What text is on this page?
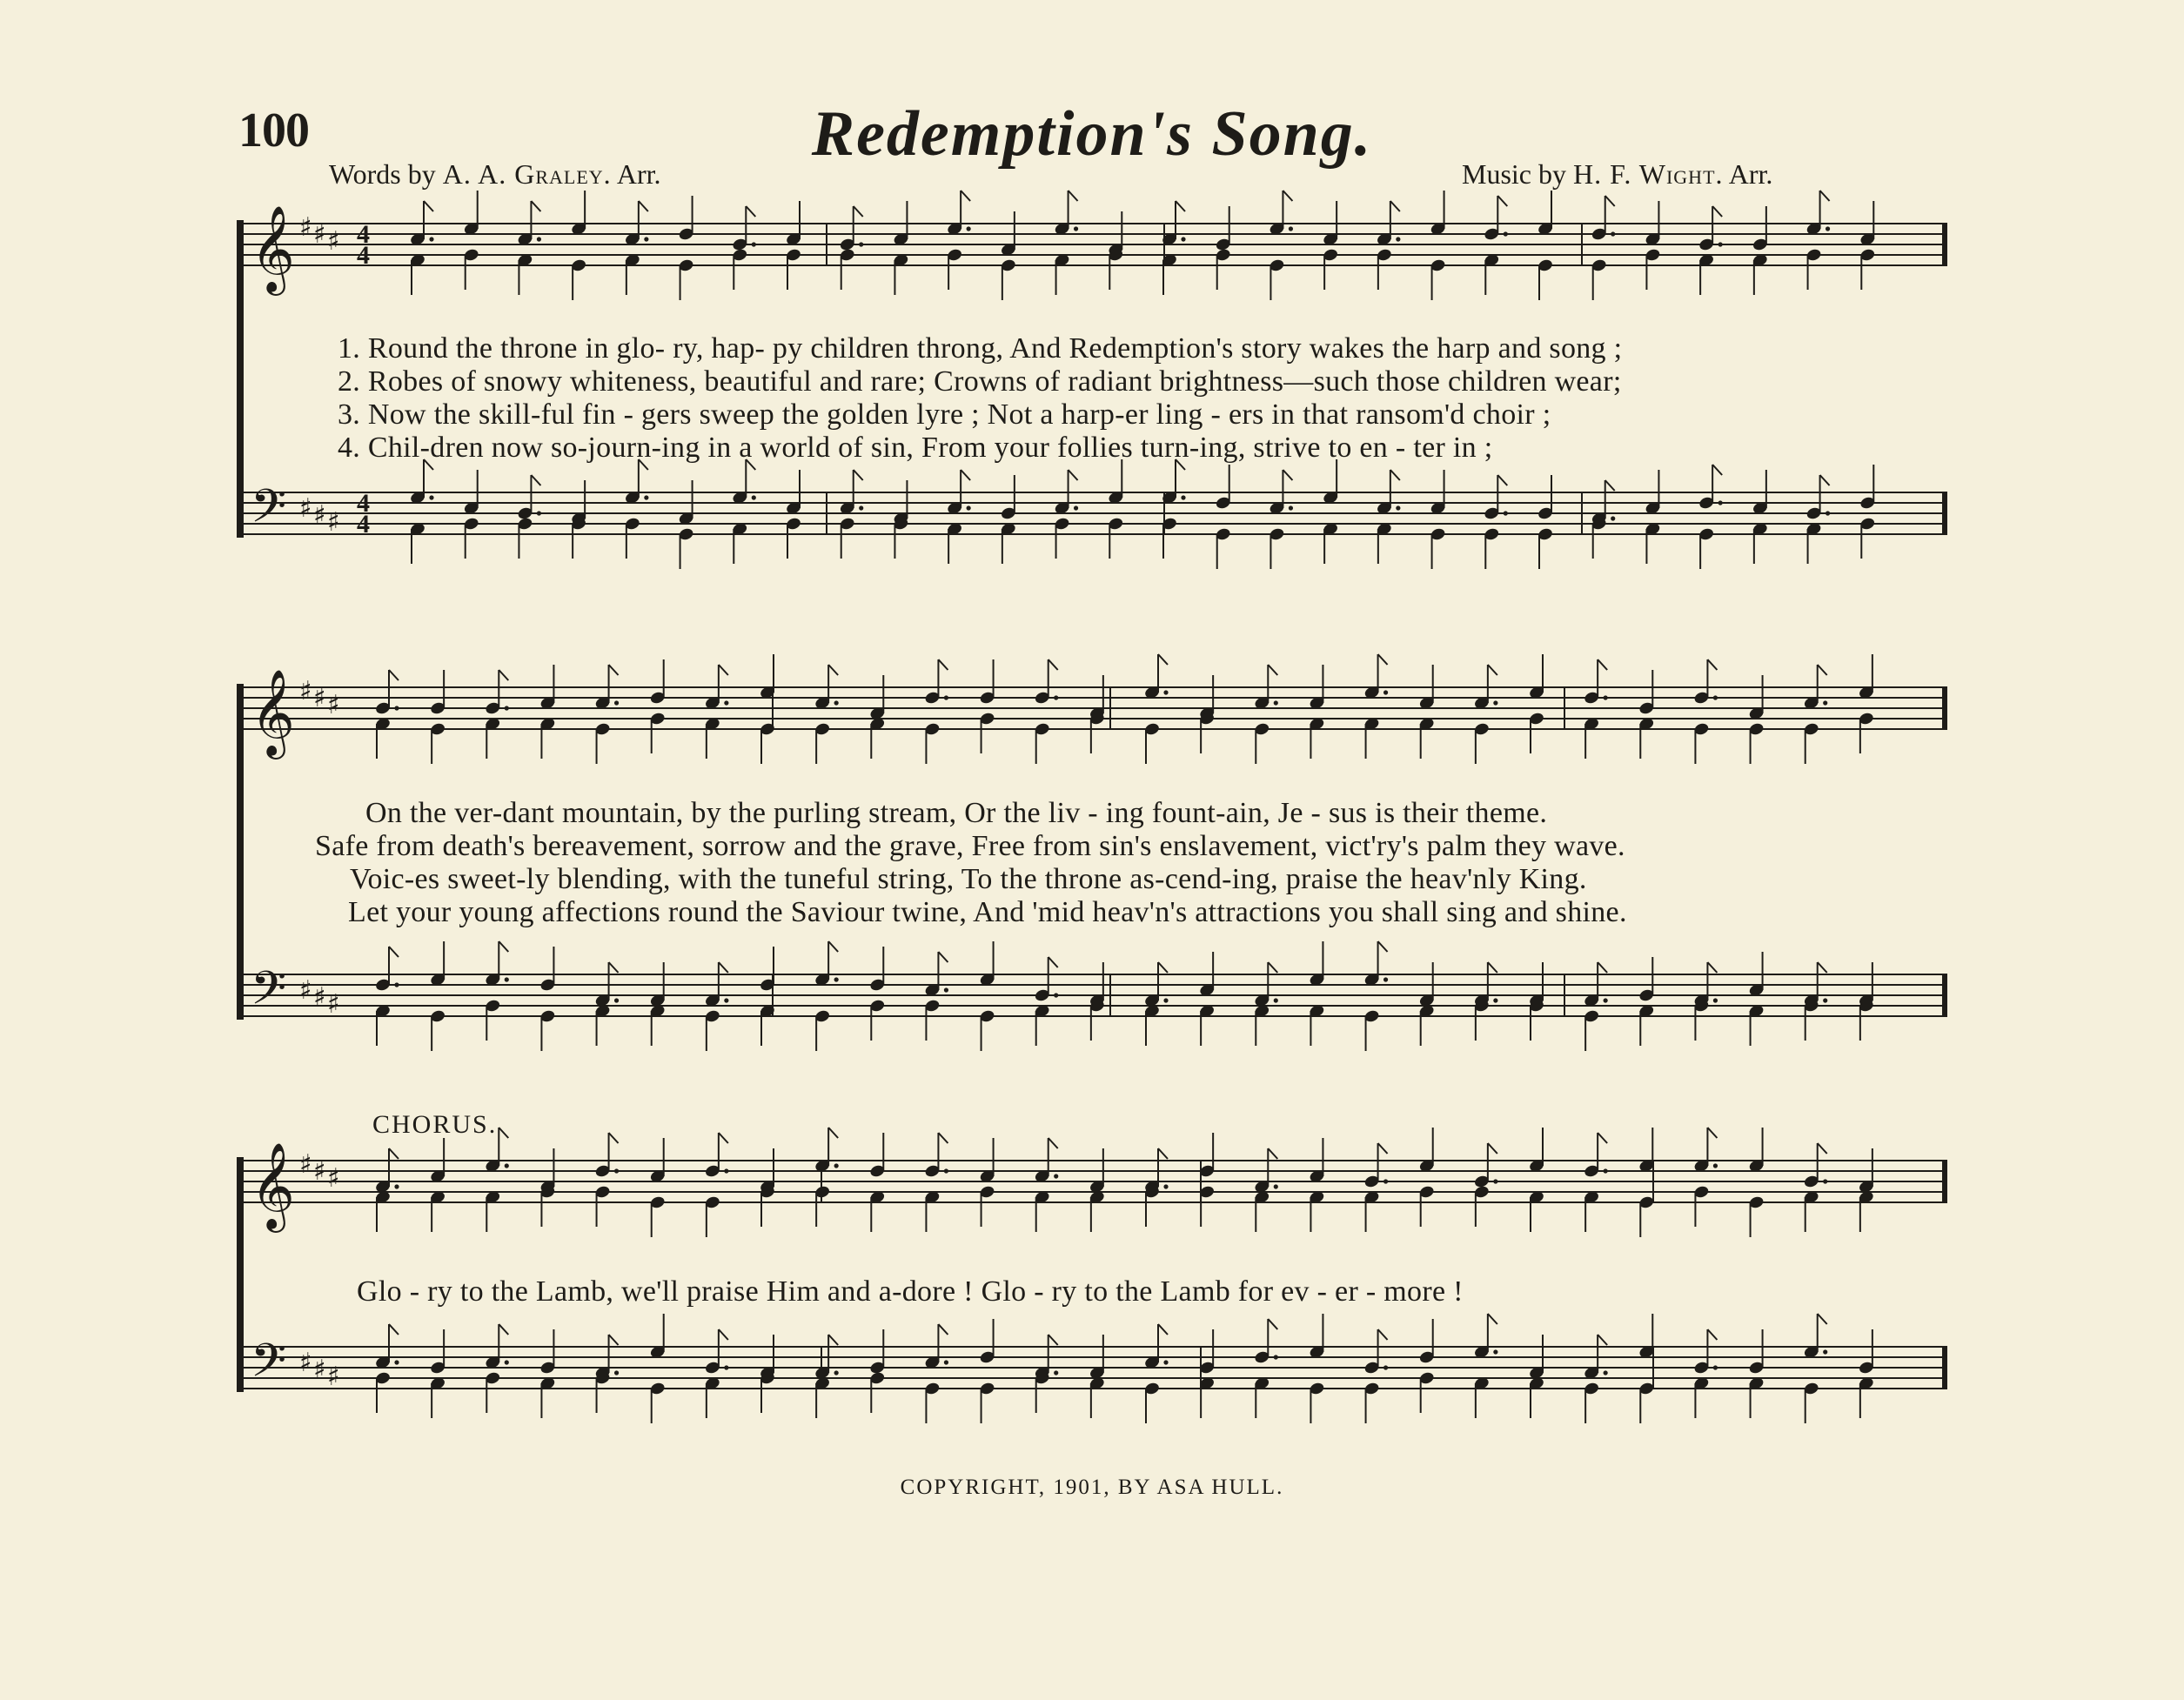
𝄞 ♯ ♯ ♯ 4
4
𝄢 ♯ ♯ ♯
4
4
𝄞 ♯ ♯ ♯
𝄢 ♯ ♯ ♯
𝄞 ♯ ♯ ♯
𝄢 ♯ ♯ ♯
100	Redemption's Song.
Words by A. A. Graley. Arr.	Music by H. F. Wight. Arr.
1. Round the throne in glo- ry, hap- py children throng, And Redemption's story wakes the harp and song ;
2. Robes of snowy whiteness, beautiful and rare; Crowns of radiant brightness—such those children wear;
3. Now the skill-ful fin - gers sweep the golden lyre ; Not a harp-er ling - ers in that ransom'd choir ;
4. Chil-dren now so-journ-ing in a world of sin, From your follies turn-ing, strive to en - ter in ;
On the ver-dant mountain, by the purling stream, Or the liv - ing fount-ain, Je - sus is their theme.
Safe from death's bereavement, sorrow and the grave, Free from sin's enslavement, vict'ry's palm they wave.
Voic-es sweet-ly blending, with the tuneful string, To the throne as-cend-ing, praise the heav'nly King.
Let your young affections round the Saviour twine, And 'mid heav'n's attractions you shall sing and shine.
CHORUS.
Glo - ry to the Lamb, we'll praise Him and a-dore ! Glo - ry to the Lamb for ev - er - more !
COPYRIGHT, 1901, BY ASA HULL.
